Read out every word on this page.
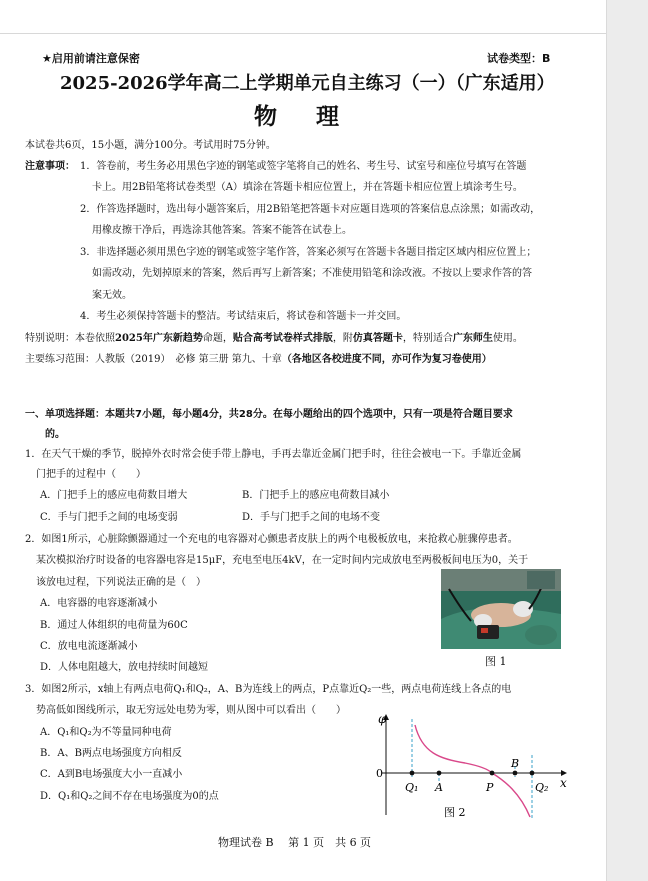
★启用前请注意保密	试卷类型：B
2025-2026学年高二上学期单元自主练习（一）（广东适用）
物　理
本试卷共6页，15小题，满分100分。考试用时75分钟。
注意事项： 1．答卷前，考生务必用黑色字迹的钢笔或签字笔将自己的姓名、考生号、试室号和座位号填写在答题
卡上。用2B铅笔将试卷类型（A）填涂在答题卡相应位置上，并在答题卡相应位置上填涂考生号。
2．作答选择题时，选出每小题答案后，用2B铅笔把答题卡对应题目选项的答案信息点涂黑；如需改动，
用橡皮擦干净后，再选涂其他答案。答案不能答在试卷上。
3．非选择题必须用黑色字迹的钢笔或签字笔作答，答案必须写在答题卡各题目指定区域内相应位置上；
如需改动，先划掉原来的答案，然后再写上新答案；不准使用铅笔和涂改液。不按以上要求作答的答
案无效。
4．考生必须保持答题卡的整洁。考试结束后，将试卷和答题卡一并交回。
特别说明：本卷依照2025年广东新趋势命题，贴合高考试卷样式排版，附仿真答题卡，特别适合广东师生使用。
主要练习范围：人教版（2019）　必修 第三册 第九、十章（各地区各校进度不同，亦可作为复习卷使用）
一、单项选择题：本题共7小题，每小题4分，共28分。在每小题给出的四个选项中，只有一项是符合题目要求
的。
1．在天气干燥的季节，脱掉外衣时常会使手带上静电，手再去靠近金属门把手时，往往会被电一下。手靠近金属
门把手的过程中（　　）
A．门把手上的感应电荷数目增大	B．门把手上的感应电荷数目减小
C．手与门把手之间的电场变弱	D．手与门把手之间的电场不变
2．如图1所示，心脏除颤器通过一个充电的电容器对心颤患者皮肤上的两个电极板放电，来抢救心脏骤停患者。
某次模拟治疗时设备的电容器电容是15μF，充电至电压4kV，在一定时间内完成放电至两极板间电压为0，关于
该放电过程，下列说法正确的是（　）
A．电容器的电容逐渐减小
B．通过人体组织的电荷量为60C
C．放电电流逐渐减小
D．人体电阻越大，放电持续时间越短	图 1
3．如图2所示，x轴上有两点电荷Q₁和Q₂，A、B为连线上的两点，P点靠近Q₂一些，两点电荷连线上各点的电
势高低如图线所示，取无穷远处电势为零，则从图中可以看出（　　）
A．Q₁和Q₂为不等量同种电荷
B．A、B两点电场强度方向相反
C．A到B电场强度大小一直减小
D．Q₁和Q₂之间不存在电场强度为0的点
φ
x
0
Q₁ A	P
B
Q₂
图 2
物理试卷 B　 第 1 页　共 6 页
